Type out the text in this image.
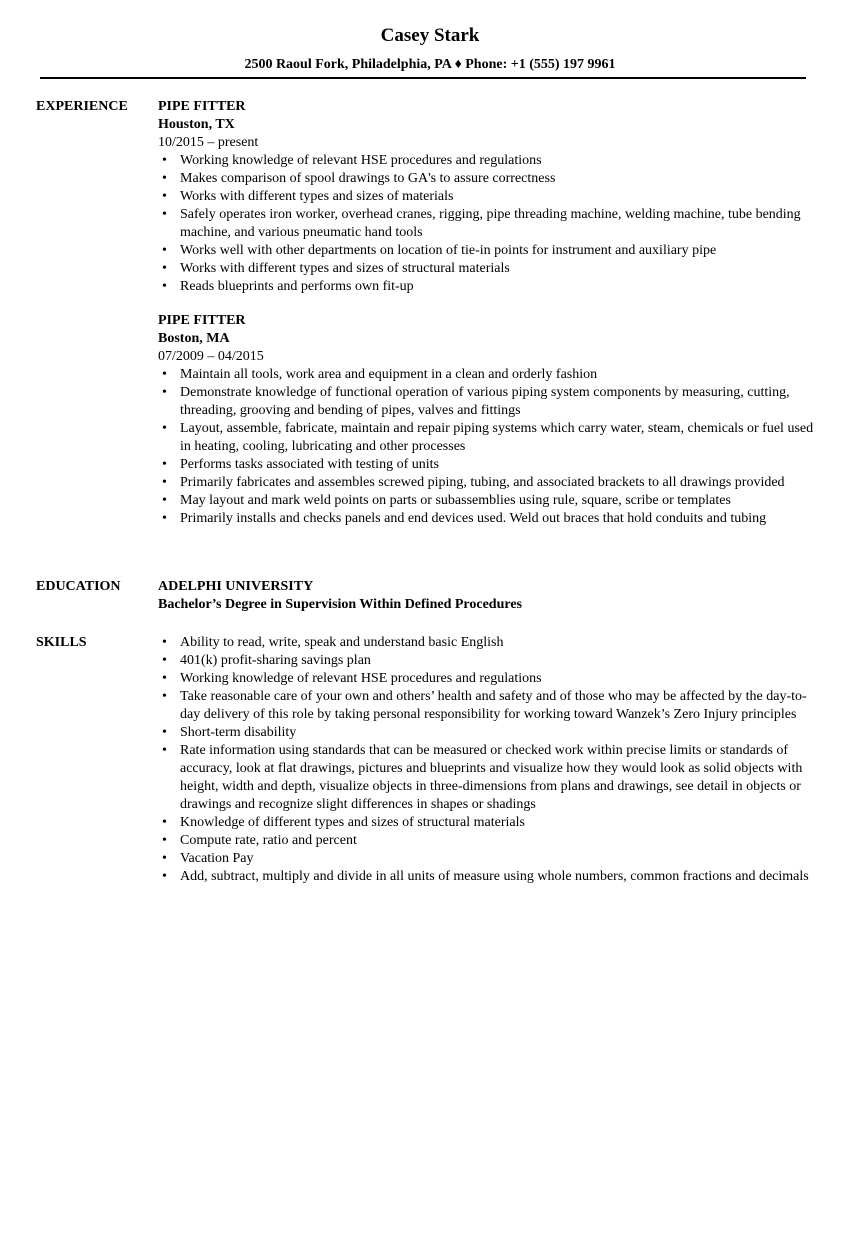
Casey Stark
2500 Raoul Fork, Philadelphia, PA ♦ Phone: +1 (555) 197 9961
EXPERIENCE	PIPE FITTER
Houston, TX
10/2015 – present
• Working knowledge of relevant HSE procedures and regulations
• Makes comparison of spool drawings to GA's to assure correctness
• Works with different types and sizes of materials
• Safely operates iron worker, overhead cranes, rigging, pipe threading machine, welding machine, tube bending machine, and various pneumatic hand tools
• Works well with other departments on location of tie-in points for instrument and auxiliary pipe
• Works with different types and sizes of structural materials
• Reads blueprints and performs own fit-up
PIPE FITTER
Boston, MA
07/2009 – 04/2015
• Maintain all tools, work area and equipment in a clean and orderly fashion
• Demonstrate knowledge of functional operation of various piping system components by measuring, cutting, threading, grooving and bending of pipes, valves and fittings
• Layout, assemble, fabricate, maintain and repair piping systems which carry water, steam, chemicals or fuel used in heating, cooling, lubricating and other processes
• Performs tasks associated with testing of units
• Primarily fabricates and assembles screwed piping, tubing, and associated brackets to all drawings provided
• May layout and mark weld points on parts or subassemblies using rule, square, scribe or templates
• Primarily installs and checks panels and end devices used. Weld out braces that hold conduits and tubing
EDUCATION	ADELPHI UNIVERSITY
Bachelor’s Degree in Supervision Within Defined Procedures
SKILLS
•	Ability to read, write, speak and understand basic English
• 401(k) profit-sharing savings plan
• Working knowledge of relevant HSE procedures and regulations
• Take reasonable care of your own and others’ health and safety and of those who may be affected by the day-to-day delivery of this role by taking personal responsibility for working toward Wanzek’s Zero Injury principles
• Short-term disability
• Rate information using standards that can be measured or checked work within precise limits or standards of accuracy, look at flat drawings, pictures and blueprints and visualize how they would look as solid objects with height, width and depth, visualize objects in three-dimensions from plans and drawings, see detail in objects or drawings and recognize slight differences in shapes or shadings
• Knowledge of different types and sizes of structural materials
• Compute rate, ratio and percent
• Vacation Pay
• Add, subtract, multiply and divide in all units of measure using whole numbers, common fractions and decimals
